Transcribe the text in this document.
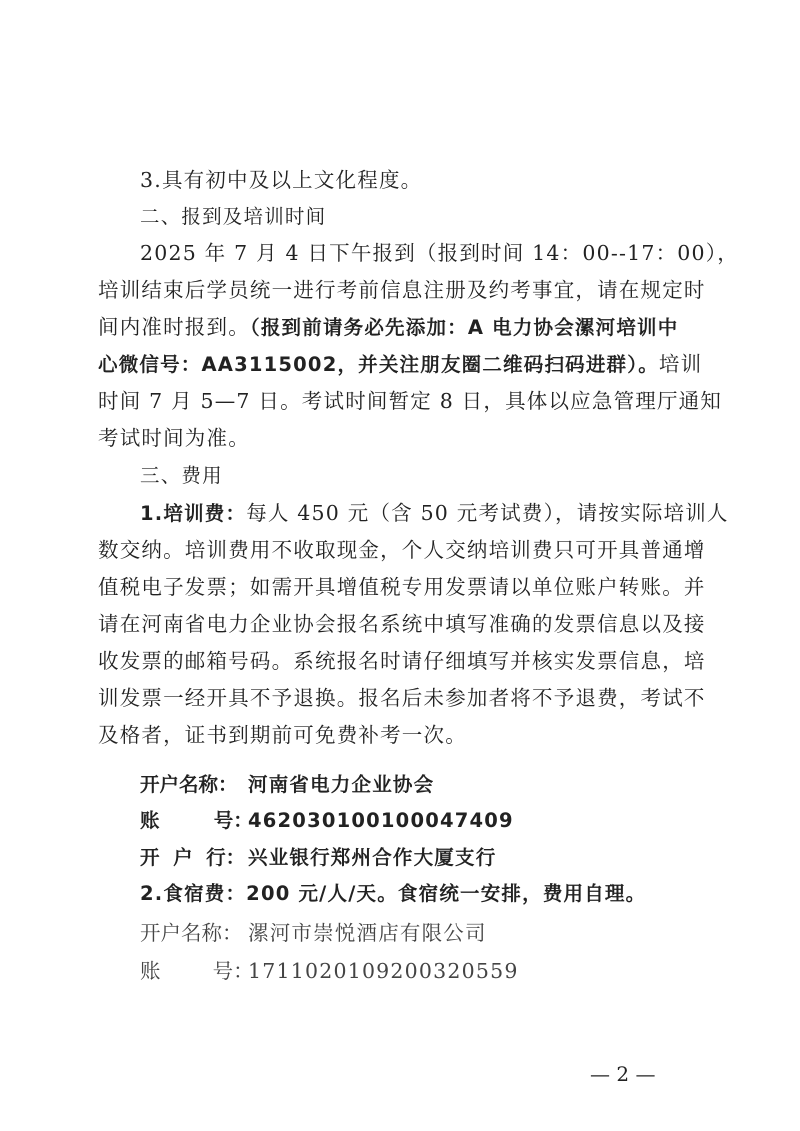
3.具有初中及以上文化程度。
二、报到及培训时间
2025 年 7 月 4 日下午报到（报到时间 14：00--17：00），
培训结束后学员统一进行考前信息注册及约考事宜，请在规定时
间内准时报到。（报到前请务必先添加：A 电力协会漯河培训中
心微信号：AA3115002，并关注朋友圈二维码扫码进群）。培训
时间 7 月 5—7 日。考试时间暂定 8 日，具体以应急管理厅通知
考试时间为准。
三、费用
1.培训费：每人 450 元（含 50 元考试费），请按实际培训人
数交纳。培训费用不收取现金，个人交纳培训费只可开具普通增
值税电子发票；如需开具增值税专用发票请以单位账户转账。并
请在河南省电力企业协会报名系统中填写准确的发票信息以及接
收发票的邮箱号码。系统报名时请仔细填写并核实发票信息，培
训发票一经开具不予退换。报名后未参加者将不予退费，考试不
及格者，证书到期前可免费补考一次。
开户名称： 河南省电力企业协会
账        号：462030100100047409
开  户  行： 兴业银行郑州合作大厦支行
2.食宿费：200 元/人/天。食宿统一安排，费用自理。
开户名称： 漯河市崇悦酒店有限公司
账        号：1711020109200320559
— 2 —
